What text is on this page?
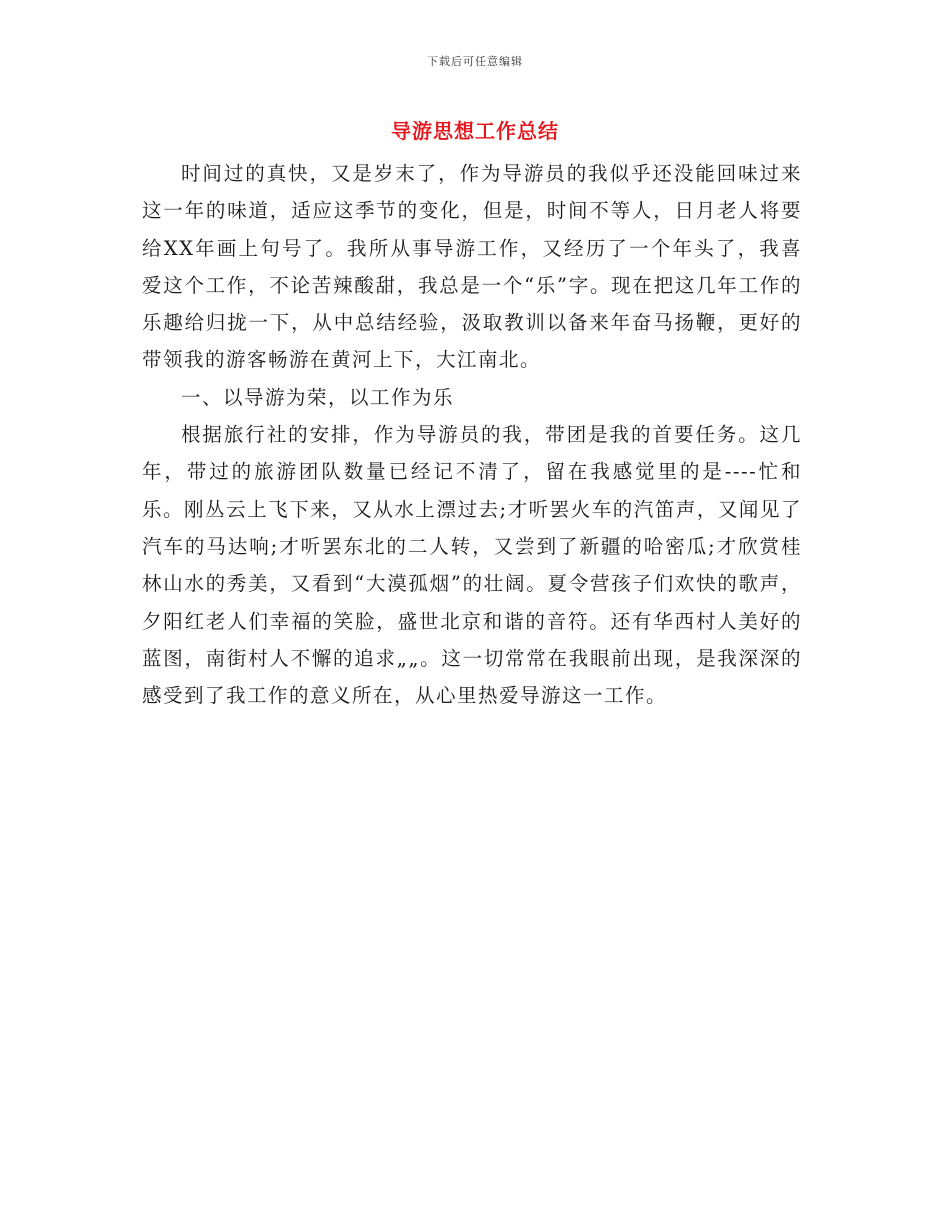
下载后可任意编辑
导游思想工作总结

时间过的真快，又是岁末了，作为导游员的我似乎还没能回味过来这一年的味道，适应这季节的变化，但是，时间不等人，日月老人将要给XX年画上句号了。我所从事导游工作，又经历了一个年头了，我喜爱这个工作，不论苦辣酸甜，我总是一个“乐”字。现在把这几年工作的乐趣给归拢一下，从中总结经验，汲取教训以备来年奋马扬鞭，更好的带领我的游客畅游在黄河上下，大江南北。

一、以导游为荣，以工作为乐

根据旅行社的安排，作为导游员的我，带团是我的首要任务。这几年，带过的旅游团队数量已经记不清了，留在我感觉里的是----忙和乐。刚丛云上飞下来，又从水上漂过去;才听罢火车的汽笛声，又闻见了汽车的马达响;才听罢东北的二人转，又尝到了新疆的哈密瓜;才欣赏桂林山水的秀美，又看到“大漠孤烟”的壮阔。夏令营孩子们欢快的歌声，夕阳红老人们幸福的笑脸，盛世北京和谐的音符。还有华西村人美好的蓝图，南街村人不懈的追求„„。这一切常常在我眼前出现，是我深深的感受到了我工作的意义所在，从心里热爱导游这一工作。
